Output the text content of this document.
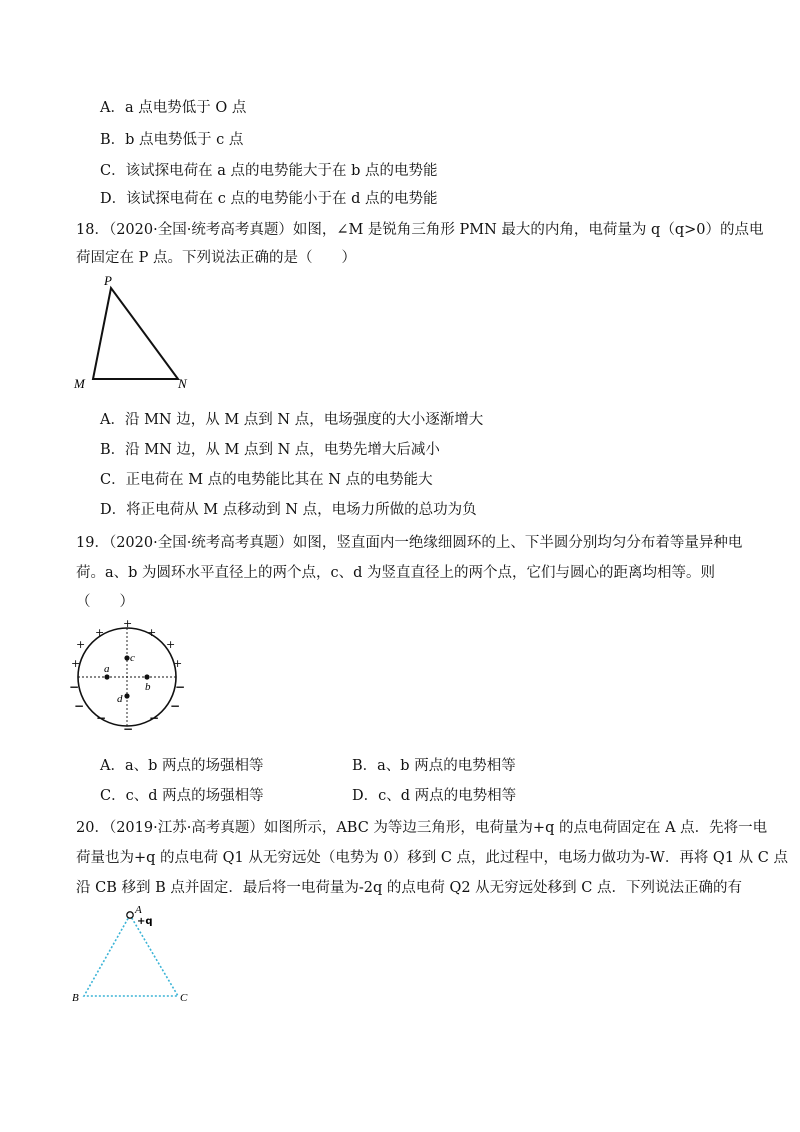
A．a 点电势低于 O 点
B．b 点电势低于 c 点
C．该试探电荷在 a 点的电势能大于在 b 点的电势能
D．该试探电荷在 c 点的电势能小于在 d 点的电势能
18．（2020·全国·统考高考真题）如图，∠M 是锐角三角形 PMN 最大的内角，电荷量为 q（q>0）的点电
荷固定在 P 点。下列说法正确的是（　　）
P
M	N
A．沿 MN 边，从 M 点到 N 点，电场强度的大小逐渐增大
B．沿 MN 边，从 M 点到 N 点，电势先增大后减小
C．正电荷在 M 点的电势能比其在 N 点的电势能大
D．将正电荷从 M 点移动到 N 点，电场力所做的总功为负
19．（2020·全国·统考高考真题）如图，竖直面内一绝缘细圆环的上、下半圆分别均匀分布着等量异种电
荷。a、b 为圆环水平直径上的两个点，c、d 为竖直直径上的两个点，它们与圆心的距离均相等。则
（　　）
a
b
c
d
+
+	+
+	+
+	+
−	−
−	−
−	−
−
A．a、b 两点的场强相等	B．a、b 两点的电势相等
C．c、d 两点的场强相等	D．c、d 两点的电势相等
20．（2019·江苏·高考真题）如图所示，ABC 为等边三角形，电荷量为+q 的点电荷固定在 A 点．先将一电
荷量也为+q 的点电荷 Q1 从无穷远处（电势为 0）移到 C 点，此过程中，电场力做功为-W．再将 Q1 从 C 点
沿 CB 移到 B 点并固定．最后将一电荷量为-2q 的点电荷 Q2 从无穷远处移到 C 点．下列说法正确的有
A
+q
B	C
